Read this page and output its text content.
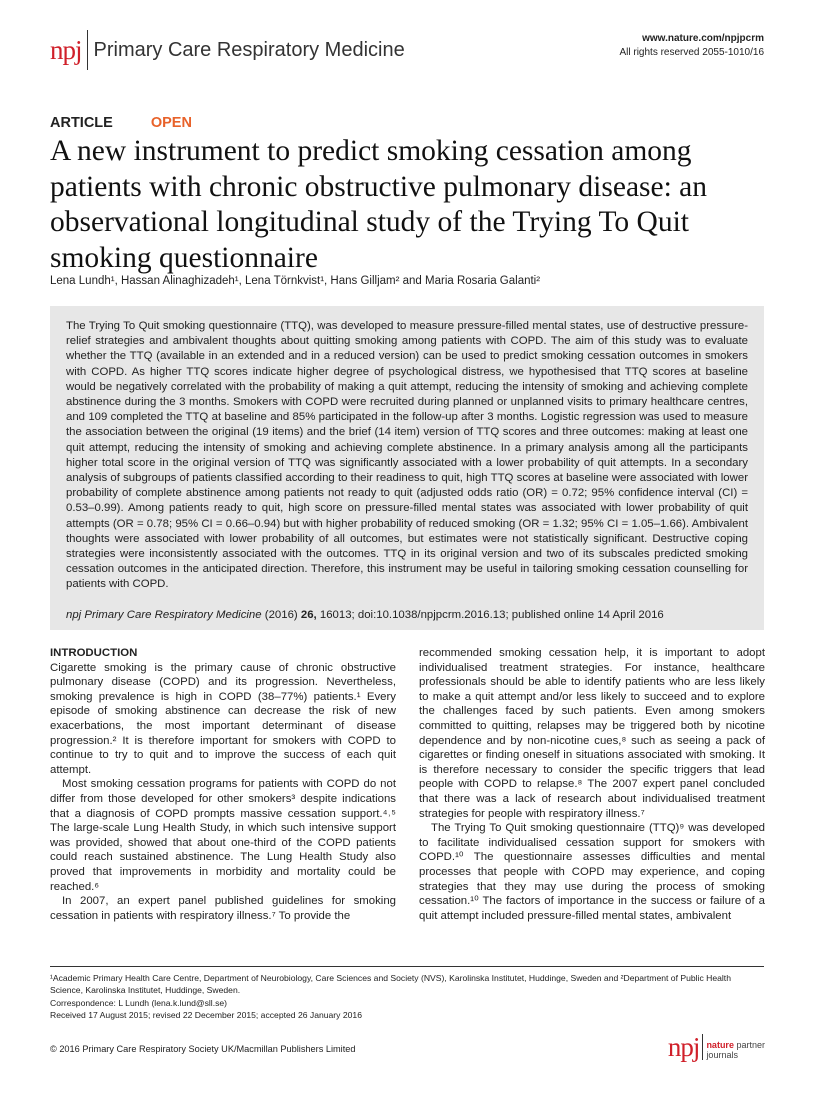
npj Primary Care Respiratory Medicine	www.nature.com/npjpcrm
All rights reserved 2055-1010/16
ARTICLE	OPEN
A new instrument to predict smoking cessation among patients with chronic obstructive pulmonary disease: an observational longitudinal study of the Trying To Quit smoking questionnaire
Lena Lundh¹, Hassan Alinaghizadeh¹, Lena Törnkvist¹, Hans Gilljam² and Maria Rosaria Galanti²

The Trying To Quit smoking questionnaire (TTQ), was developed to measure pressure-filled mental states, use of destructive pressure-relief strategies and ambivalent thoughts about quitting smoking among patients with COPD. The aim of this study was to evaluate whether the TTQ (available in an extended and in a reduced version) can be used to predict smoking cessation outcomes in smokers with COPD. As higher TTQ scores indicate higher degree of psychological distress, we hypothesised that TTQ scores at baseline would be negatively correlated with the probability of making a quit attempt, reducing the intensity of smoking and achieving complete abstinence during the 3 months. Smokers with COPD were recruited during planned or unplanned visits to primary healthcare centres, and 109 completed the TTQ at baseline and 85% participated in the follow-up after 3 months. Logistic regression was used to measure the association between the original (19 items) and the brief (14 item) version of TTQ scores and three outcomes: making at least one quit attempt, reducing the intensity of smoking and achieving complete abstinence. In a primary analysis among all the participants higher total score in the original version of TTQ was significantly associated with a lower probability of quit attempts. In a secondary analysis of subgroups of patients classified according to their readiness to quit, high TTQ scores at baseline were associated with lower probability of complete abstinence among patients not ready to quit (adjusted odds ratio (OR) = 0.72; 95% confidence interval (CI) = 0.53–0.99). Among patients ready to quit, high score on pressure-filled mental states was associated with lower probability of quit attempts (OR = 0.78; 95% CI = 0.66–0.94) but with higher probability of reduced smoking (OR = 1.32; 95% CI = 1.05–1.66). Ambivalent thoughts were associated with lower probability of all outcomes, but estimates were not statistically significant. Destructive coping strategies were inconsistently associated with the outcomes. TTQ in its original version and two of its subscales predicted smoking cessation outcomes in the anticipated direction. Therefore, this instrument may be useful in tailoring smoking cessation counselling for patients with COPD.

npj Primary Care Respiratory Medicine (2016) 26, 16013; doi:10.1038/npjpcrm.2016.13; published online 14 April 2016

INTRODUCTION

Cigarette smoking is the primary cause of chronic obstructive pulmonary disease (COPD) and its progression. Nevertheless, smoking prevalence is high in COPD (38–77%) patients.¹ Every episode of smoking abstinence can decrease the risk of new exacerbations, the most important determinant of disease progression.² It is therefore important for smokers with COPD to continue to try to quit and to improve the success of each quit attempt.

Most smoking cessation programs for patients with COPD do not differ from those developed for other smokers³ despite indications that a diagnosis of COPD prompts massive cessation support.⁴˒⁵ The large-scale Lung Health Study, in which such intensive support was provided, showed that about one-third of the COPD patients could reach sustained abstinence. The Lung Health Study also proved that improvements in morbidity and mortality could be reached.⁶

In 2007, an expert panel published guidelines for smoking cessation in patients with respiratory illness.⁷ To provide the

recommended smoking cessation help, it is important to adopt individualised treatment strategies. For instance, healthcare professionals should be able to identify patients who are less likely to make a quit attempt and/or less likely to succeed and to explore the challenges faced by such patients. Even among smokers committed to quitting, relapses may be triggered both by nicotine dependence and by non-nicotine cues,⁸ such as seeing a pack of cigarettes or finding oneself in situations associated with smoking. It is therefore necessary to consider the specific triggers that lead people with COPD to relapse.⁸ The 2007 expert panel concluded that there was a lack of research about individualised treatment strategies for people with respiratory illness.⁷

The Trying To Quit smoking questionnaire (TTQ)⁹ was developed to facilitate individualised cessation support for smokers with COPD.¹⁰ The questionnaire assesses difficulties and mental processes that people with COPD may experience, and coping strategies that they may use during the process of smoking cessation.¹⁰ The factors of importance in the success or failure of a quit attempt included pressure-filled mental states, ambivalent

¹Academic Primary Health Care Centre, Department of Neurobiology, Care Sciences and Society (NVS), Karolinska Institutet, Huddinge, Sweden and ²Department of Public Health Science, Karolinska Institutet, Huddinge, Sweden.

Correspondence: L Lundh (lena.k.lund@sll.se)

Received 17 August 2015; revised 22 December 2015; accepted 26 January 2016

© 2016 Primary Care Respiratory Society UK/Macmillan Publishers Limited	npj nature partner
journals
